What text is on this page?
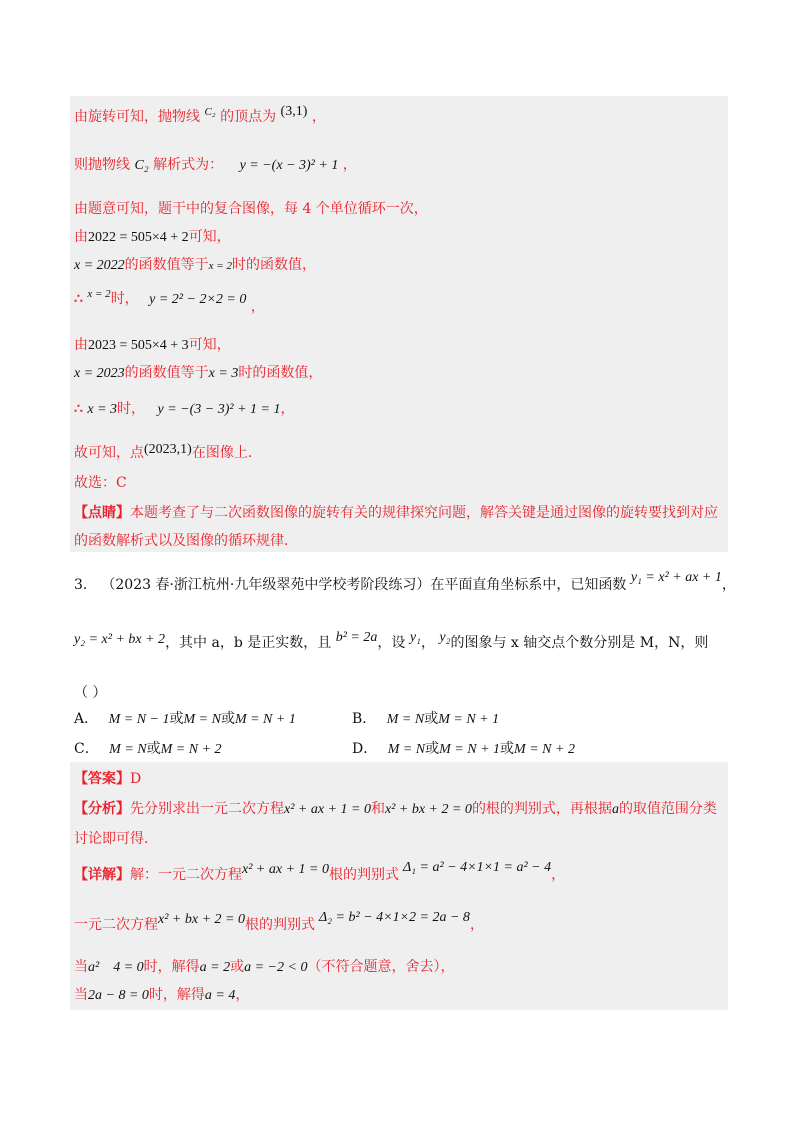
由旋转可知，抛物线 $^{C_2}$ 的顶点为 (3,1) ，
则抛物线 C₂ 解析式为： y = −(x − 3)² + 1 ，
由题意可知，题干中的复合图像，每 4 个单位循环一次，
由2022 = 505×4 + 2可知，
x = 2022的函数值等于x = 2时的函数值，
∴ $^{x = 2}$时， y = 2² − 2×2 = 0 ，
由2023 = 505×4 + 3可知，
x = 2023的函数值等于x = 3时的函数值，
∴ x = 3时， y = −(3 − 3)² + 1 = 1，
故可知，点(2023,1)在图像上．
故选：C
【点睛】本题考查了与二次函数图像的旋转有关的规律探究问题，解答关键是通过图像的旋转要找到对应
的函数解析式以及图像的循环规律．
3． （2023 春·浙江杭州·九年级翠苑中学校考阶段练习）在平面直角坐标系中，已知函数 y₁ = x² + ax + 1，
y₂ = x² + bx + 2，其中 a，b 是正实数，且 b² = 2a，设 y₁， y₂的图象与 x 轴交点个数分别是 M，N，则
（ ）
A． M = N − 1或M = N或M = N + 1	B． M = N或M = N + 1
C． M = N或M = N + 2	D． M = N或M = N + 1或M = N + 2
【答案】D
【分析】先分别求出一元二次方程x² + ax + 1 = 0和x² + bx + 2 = 0的根的判别式，再根据a的取值范围分类
讨论即可得．
【详解】解：一元二次方程x² + ax + 1 = 0根的判别式 Δ₁ = a² − 4×1×1 = a² − 4，
一元二次方程x² + bx + 2 = 0根的判别式 Δ₂ = b² − 4×1×2 = 2a − 8，
当a²    4 = 0时，解得a = 2或a = −2 < 0（不符合题意，舍去），
当2a − 8 = 0时，解得a = 4，
